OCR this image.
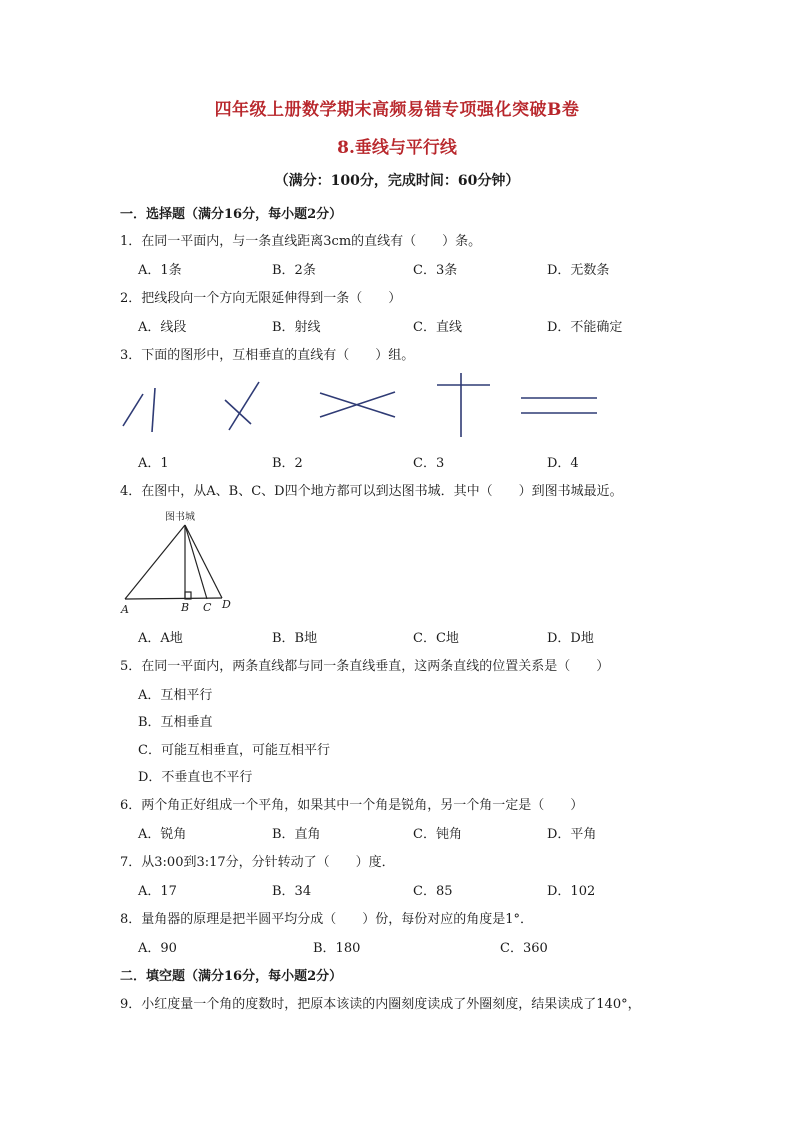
四年级上册数学期末高频易错专项强化突破B卷
8.垂线与平行线
（满分：100分，完成时间：60分钟）
一．选择题（满分16分，每小题2分）
1．在同一平面内，与一条直线距离3cm的直线有（　　）条。
A．1条	B．2条	C．3条	D．无数条
2．把线段向一个方向无限延伸得到一条（　　）
A．线段	B．射线	C．直线	D．不能确定
3．下面的图形中，互相垂直的直线有（　　）组。
A．1	B．2	C．3	D．4
4．在图中，从A、B、C、D四个地方都可以到达图书城．其中（　　）到图书城最近。
图书城
A	B C D
A．A地	B．B地	C．C地	D．D地
5．在同一平面内，两条直线都与同一条直线垂直，这两条直线的位置关系是（　　）
A．互相平行
B．互相垂直
C．可能互相垂直，可能互相平行
D．不垂直也不平行
6．两个角正好组成一个平角，如果其中一个角是锐角，另一个角一定是（　　）
A．锐角	B．直角	C．钝角	D．平角
7．从3:00到3:17分，分针转动了（　　）度．
A．17	B．34	C．85	D．102
8．量角器的原理是把半圆平均分成（　　）份，每份对应的角度是1°．
A．90	B．180	C．360
二．填空题（满分16分，每小题2分）
9．小红度量一个角的度数时，把原本该读的内圈刻度读成了外圈刻度，结果读成了140°，
